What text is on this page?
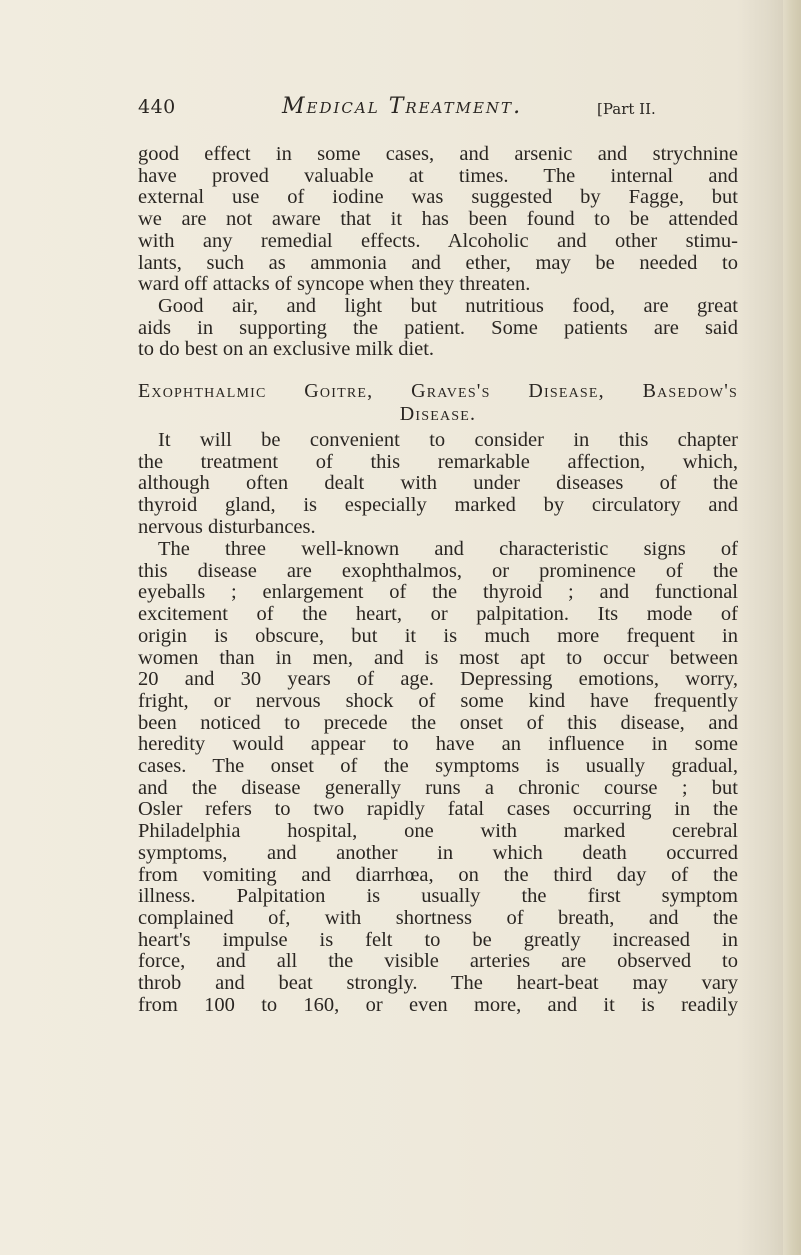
440	Medical Treatment.	[Part II.
good effect in some cases, and arsenic and strychnine
have proved valuable at times. The internal and
external use of iodine was suggested by Fagge, but
we are not aware that it has been found to be attended
with any remedial effects. Alcoholic and other stimu-
lants, such as ammonia and ether, may be needed to
ward off attacks of syncope when they threaten.
Good air, and light but nutritious food, are great
aids in supporting the patient. Some patients are said
to do best on an exclusive milk diet.
Exophthalmic Goitre, Graves's Disease, Basedow's
Disease.
It will be convenient to consider in this chapter
the treatment of this remarkable affection, which,
although often dealt with under diseases of the
thyroid gland, is especially marked by circulatory and
nervous disturbances.
The three well-known and characteristic signs of
this disease are exophthalmos, or prominence of the
eyeballs ; enlargement of the thyroid ; and functional
excitement of the heart, or palpitation. Its mode of
origin is obscure, but it is much more frequent in
women than in men, and is most apt to occur between
20 and 30 years of age. Depressing emotions, worry,
fright, or nervous shock of some kind have frequently
been noticed to precede the onset of this disease, and
heredity would appear to have an influence in some
cases. The onset of the symptoms is usually gradual,
and the disease generally runs a chronic course ; but
Osler refers to two rapidly fatal cases occurring in the
Philadelphia hospital, one with marked cerebral
symptoms, and another in which death occurred
from vomiting and diarrhœa, on the third day of the
illness. Palpitation is usually the first symptom
complained of, with shortness of breath, and the
heart's impulse is felt to be greatly increased in
force, and all the visible arteries are observed to
throb and beat strongly. The heart-beat may vary
from 100 to 160, or even more, and it is readily
